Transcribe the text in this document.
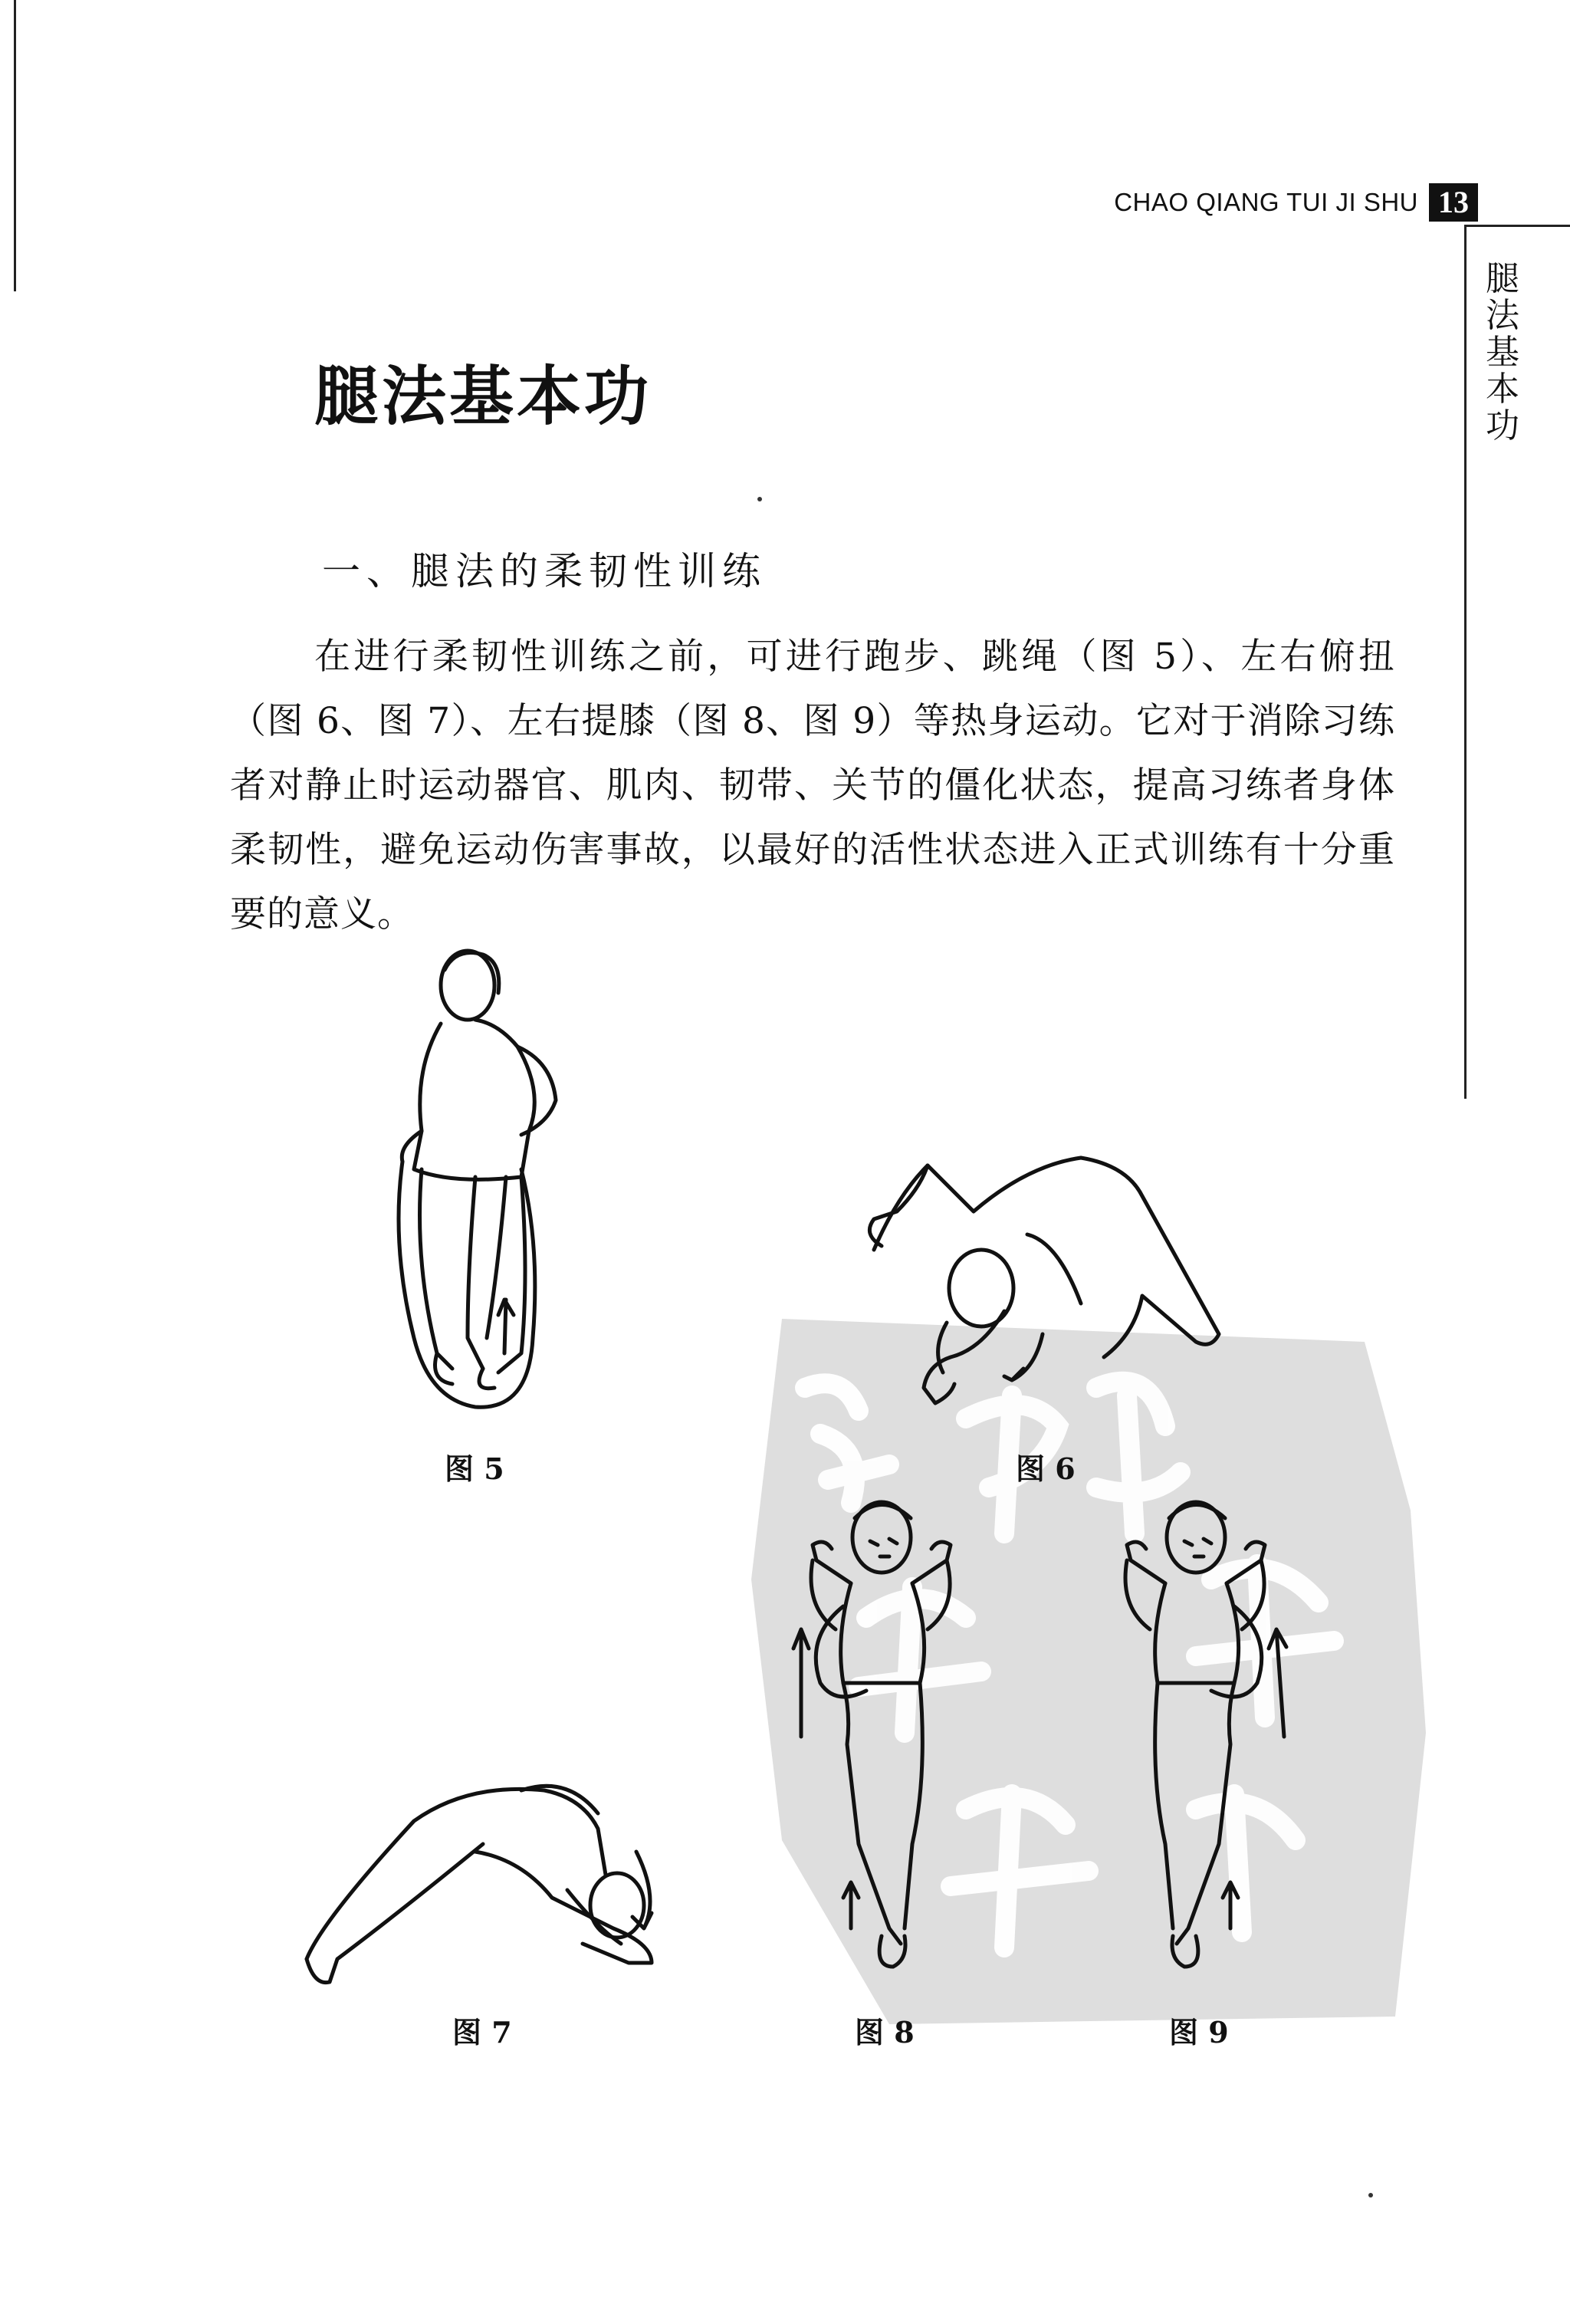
CHAO QIANG TUI JI SHU 13
腿
法
基
本
功
腿法基本功
一、腿法的柔韧性训练

在进行柔韧性训练之前，可进行跑步、跳绳（图 5）、左右俯扭（图 6、图 7）、左右提膝（图 8、图 9）等热身运动。它对于消除习练者对静止时运动器官、肌肉、韧带、关节的僵化状态，提高习练者身体柔韧性，避免运动伤害事故，以最好的活性状态进入正式训练有十分重要的意义。

图 5	图 6
图 7	图 8	图 9
